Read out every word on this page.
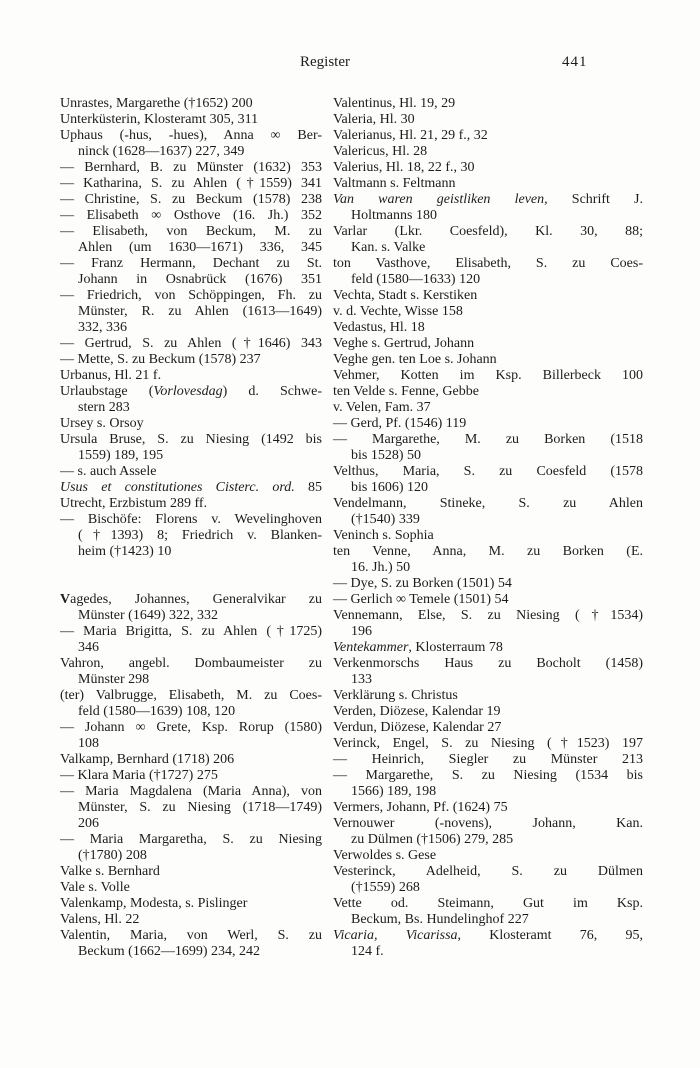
Register	441
Unrastes, Margarethe (†1652) 200
Unterküsterin, Klosteramt 305, 311
Uphaus (-hus, -hues), Anna ∞ Ber-
ninck (1628—1637) 227, 349
— Bernhard, B. zu Münster (1632) 353
— Katharina, S. zu Ahlen (†1559) 341
— Christine, S. zu Beckum (1578) 238
— Elisabeth ∞ Osthove (16. Jh.) 352
— Elisabeth, von Beckum, M. zu
Ahlen (um 1630—1671) 336, 345
— Franz Hermann, Dechant zu St.
Johann in Osnabrück (1676) 351
— Friedrich, von Schöppingen, Fh. zu
Münster, R. zu Ahlen (1613—1649)
332, 336
— Gertrud, S. zu Ahlen (†1646) 343
— Mette, S. zu Beckum (1578) 237
Urbanus, Hl. 21 f.
Urlaubstage (Vorlovesdag) d. Schwe-
stern 283
Ursey s. Orsoy
Ursula Bruse, S. zu Niesing (1492 bis
1559) 189, 195
— s. auch Assele
Usus et constitutiones Cisterc. ord. 85
Utrecht, Erzbistum 289 ff.
— Bischöfe: Florens v. Wevelinghoven
(†1393) 8; Friedrich v. Blanken-
heim (†1423) 10
Vagedes, Johannes, Generalvikar zu
Münster (1649) 322, 332
— Maria Brigitta, S. zu Ahlen (†1725)
346
Vahron, angebl. Dombaumeister zu
Münster 298
(ter) Valbrugge, Elisabeth, M. zu Coes-
feld (1580—1639) 108, 120
— Johann ∞ Grete, Ksp. Rorup (1580)
108
Valkamp, Bernhard (1718) 206
— Klara Maria (†1727) 275
— Maria Magdalena (Maria Anna), von
Münster, S. zu Niesing (1718—1749)
206
— Maria Margaretha, S. zu Niesing
(†1780) 208
Valke s. Bernhard
Vale s. Volle
Valenkamp, Modesta, s. Pislinger
Valens, Hl. 22
Valentin, Maria, von Werl, S. zu
Beckum (1662—1699) 234, 242
Valentinus, Hl. 19, 29
Valeria, Hl. 30
Valerianus, Hl. 21, 29 f., 32
Valericus, Hl. 28
Valerius, Hl. 18, 22 f., 30
Valtmann s. Feltmann
Van waren geistliken leven, Schrift J.
Holtmanns 180
Varlar (Lkr. Coesfeld), Kl. 30, 88;
Kan. s. Valke
ton Vasthove, Elisabeth, S. zu Coes-
feld (1580—1633) 120
Vechta, Stadt s. Kerstiken
v. d. Vechte, Wisse 158
Vedastus, Hl. 18
Veghe s. Gertrud, Johann
Veghe gen. ten Loe s. Johann
Vehmer, Kotten im Ksp. Billerbeck 100
ten Velde s. Fenne, Gebbe
v. Velen, Fam. 37
— Gerd, Pf. (1546) 119
— Margarethe, M. zu Borken (1518
bis 1528) 50
Velthus, Maria, S. zu Coesfeld (1578
bis 1606) 120
Vendelmann, Stineke, S. zu Ahlen
(†1540) 339
Veninch s. Sophia
ten Venne, Anna, M. zu Borken (E.
16. Jh.) 50
— Dye, S. zu Borken (1501) 54
— Gerlich ∞ Temele (1501) 54
Vennemann, Else, S. zu Niesing (†1534)
196
Ventekammer, Klosterraum 78
Verkenmorschs Haus zu Bocholt (1458)
133
Verklärung s. Christus
Verden, Diözese, Kalendar 19
Verdun, Diözese, Kalendar 27
Verinck, Engel, S. zu Niesing (†1523) 197
— Heinrich, Siegler zu Münster 213
— Margarethe, S. zu Niesing (1534 bis
1566) 189, 198
Vermers, Johann, Pf. (1624) 75
Vernouwer (-novens), Johann, Kan.
zu Dülmen (†1506) 279, 285
Verwoldes s. Gese
Vesterinck, Adelheid, S. zu Dülmen
(†1559) 268
Vette od. Steimann, Gut im Ksp.
Beckum, Bs. Hundelinghof 227
Vicaria, Vicarissa, Klosteramt 76, 95,
124 f.
